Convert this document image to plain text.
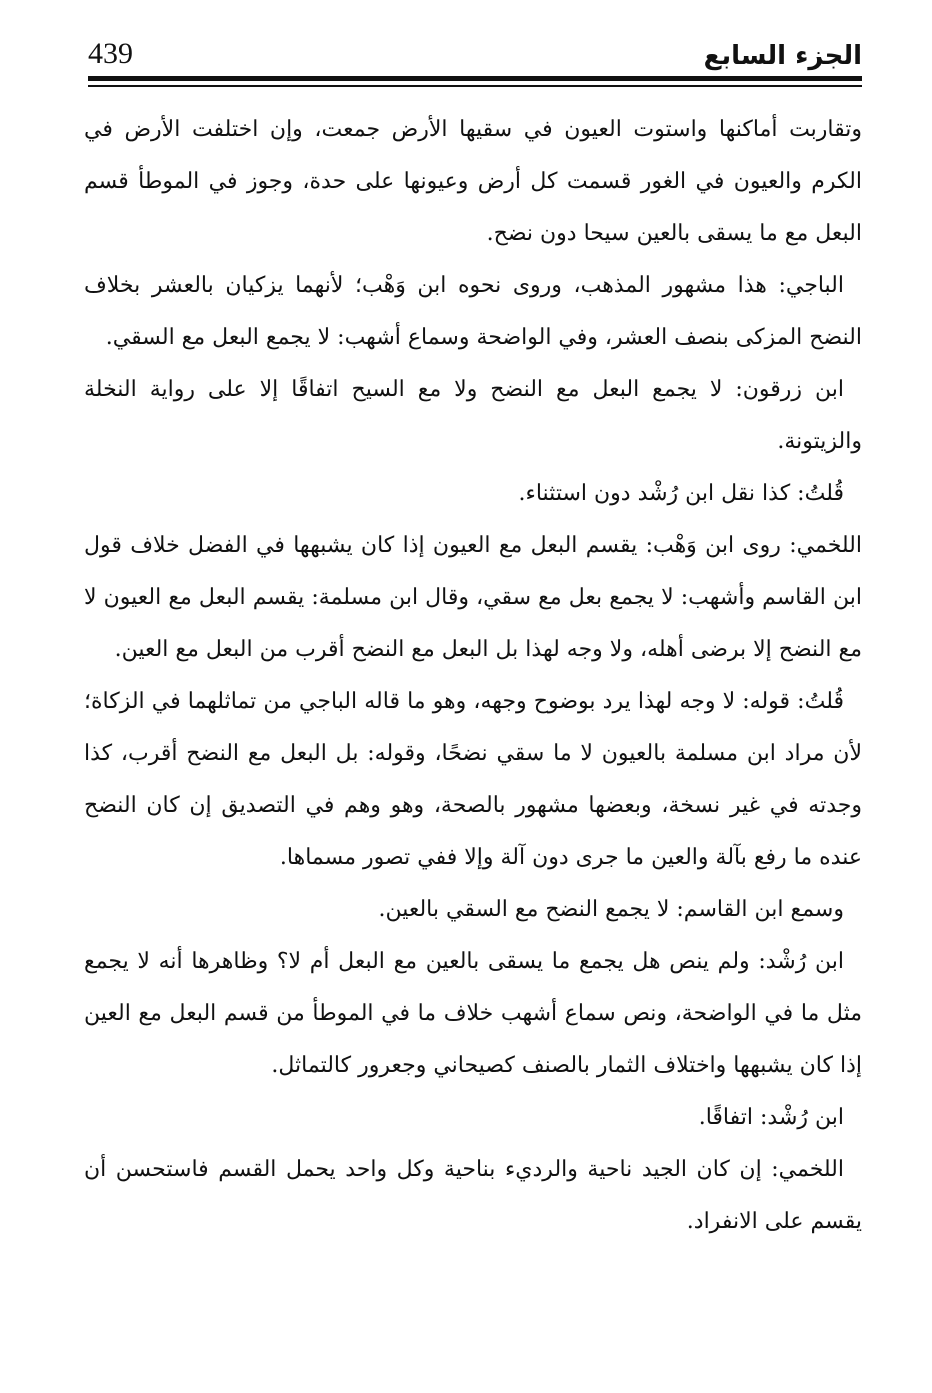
439	الجزء السابع

وتقاربت أماكنها واستوت العيون في سقيها الأرض جمعت، وإن اختلفت الأرض في الكرم والعيون في الغور قسمت كل أرض وعيونها على حدة، وجوز في الموطأ قسم البعل مع ما يسقى بالعين سيحا دون نضح.

الباجي: هذا مشهور المذهب، وروى نحوه ابن وَهْب؛ لأنهما يزكيان بالعشر بخلاف النضح المزكى بنصف العشر، وفي الواضحة وسماع أشهب: لا يجمع البعل مع السقي.

ابن زرقون: لا يجمع البعل مع النضح ولا مع السيح اتفاقًا إلا على رواية النخلة والزيتونة.

قُلتُ: كذا نقل ابن رُشْد دون استثناء.

اللخمي: روى ابن وَهْب: يقسم البعل مع العيون إذا كان يشبهها في الفضل خلاف قول ابن القاسم وأشهب: لا يجمع بعل مع سقي، وقال ابن مسلمة: يقسم البعل مع العيون لا مع النضح إلا برضى أهله، ولا وجه لهذا بل البعل مع النضح أقرب من البعل مع العين.

قُلتُ: قوله: لا وجه لهذا يرد بوضوح وجهه، وهو ما قاله الباجي من تماثلهما في الزكاة؛ لأن مراد ابن مسلمة بالعيون لا ما سقي نضحًا، وقوله: بل البعل مع النضح أقرب، كذا وجدته في غير نسخة، وبعضها مشهور بالصحة، وهو وهم في التصديق إن كان النضح عنده ما رفع بآلة والعين ما جرى دون آلة وإلا ففي تصور مسماها.

وسمع ابن القاسم: لا يجمع النضح مع السقي بالعين.

ابن رُشْد: ولم ينص هل يجمع ما يسقى بالعين مع البعل أم لا؟ وظاهرها أنه لا يجمع مثل ما في الواضحة، ونص سماع أشهب خلاف ما في الموطأ من قسم البعل مع العين إذا كان يشبهها واختلاف الثمار بالصنف كصيحاني وجعرور كالتماثل.

ابن رُشْد: اتفاقًا.

اللخمي: إن كان الجيد ناحية والرديء بناحية وكل واحد يحمل القسم فاستحسن أن يقسم على الانفراد.
